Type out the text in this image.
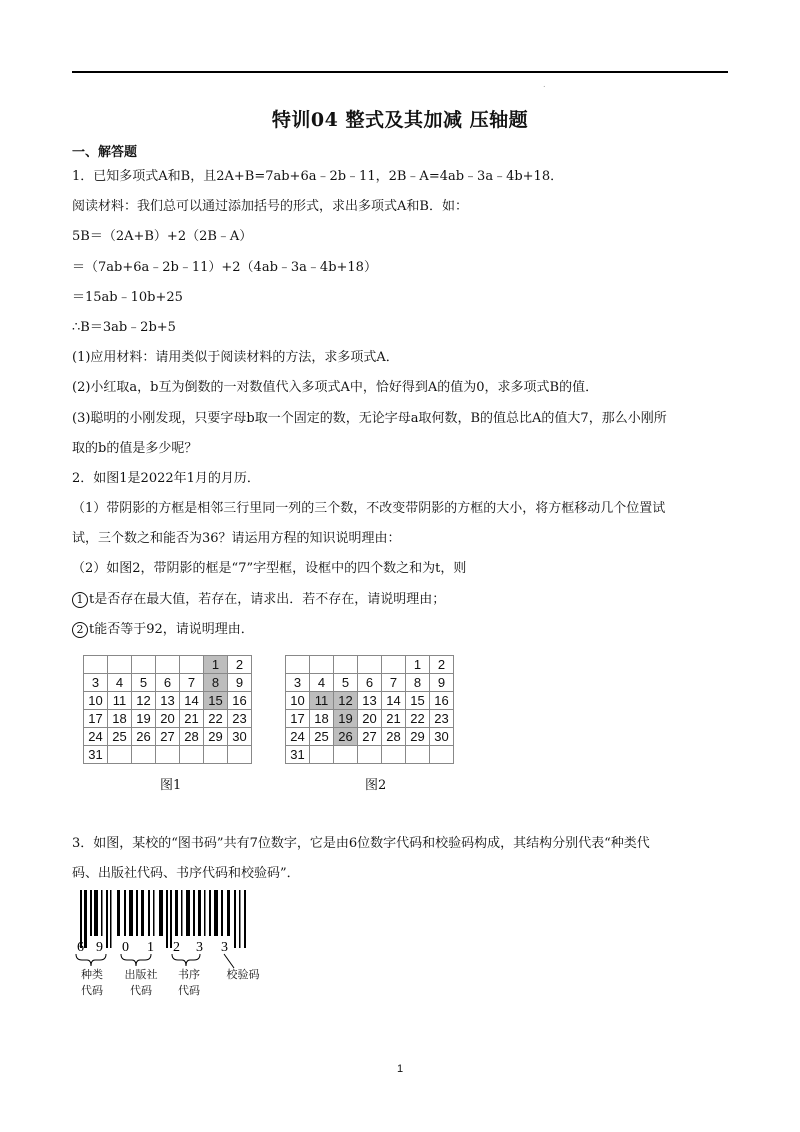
.
特训04 整式及其加减 压轴题
一、解答题
1．已知多项式A和B，且2A+B=7ab+6a﹣2b﹣11，2B﹣A=4ab﹣3a﹣4b+18．
阅读材料：我们总可以通过添加括号的形式，求出多项式A和B．如：
5B＝（2A+B）+2（2B﹣A）
＝（7ab+6a﹣2b﹣11）+2（4ab﹣3a﹣4b+18）
＝15ab﹣10b+25
∴B＝3ab﹣2b+5
(1)应用材料：请用类似于阅读材料的方法，求多项式A．
(2)小红取a，b互为倒数的一对数值代入多项式A中，恰好得到A的值为0，求多项式B的值．
(3)聪明的小刚发现，只要字母b取一个固定的数，无论字母a取何数，B的值总比A的值大7，那么小刚所
取的b的值是多少呢？
2．如图1是2022年1月的月历．
（1）带阴影的方框是相邻三行里同一列的三个数，不改变带阴影的方框的大小，将方框移动几个位置试
试，三个数之和能否为36？请运用方程的知识说明理由：
（2）如图2，带阴影的框是“7”字型框，设框中的四个数之和为t，则
1 t是否存在最大值，若存在，请求出．若不存在，请说明理由；
2 t能否等于92，请说明理由．
					1	2
3	4	5	6	7	8	9
10	11	12	13	14	15	16
17	18	19	20	21	22	23
24	25	26	27	28	29	30
31						
					1	2
3	4	5	6	7	8	9
10	11	12	13	14	15	16
17	18	19	20	21	22	23
24	25	26	27	28	29	30
31						
图1	图2
3．如图，某校的“图书码”共有7位数字，它是由6位数字代码和校验码构成，其结构分别代表“种类代
码、出版社代码、书序代码和校验码”．
6 9 0 1 2 3 3
种类
代码
出版社
代码
书序
代码
校验码
1
